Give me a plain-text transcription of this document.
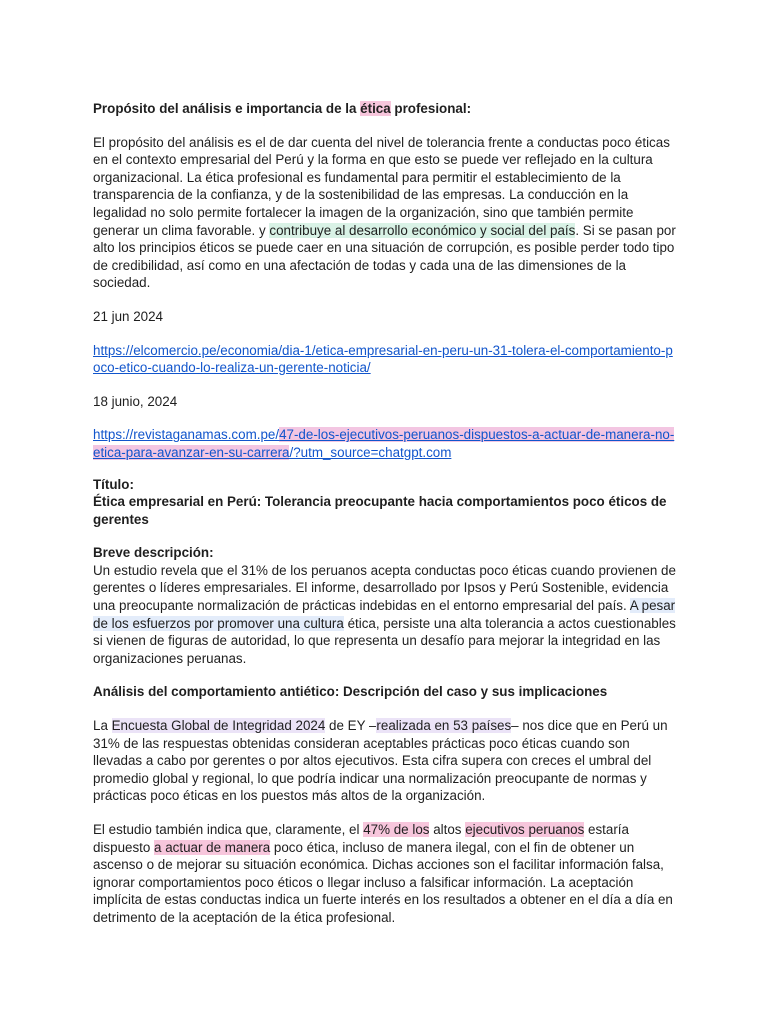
Propósito del análisis e importancia de la ética profesional:

El propósito del análisis es el de dar cuenta del nivel de tolerancia frente a conductas poco éticas en el contexto empresarial del Perú y la forma en que esto se puede ver reflejado en la cultura organizacional. La ética profesional es fundamental para permitir el establecimiento de la transparencia de la confianza, y de la sostenibilidad de las empresas. La conducción en la legalidad no solo permite fortalecer la imagen de la organización, sino que también permite generar un clima favorable. y contribuye al desarrollo económico y social del país. Si se pasan por alto los principios éticos se puede caer en una situación de corrupción, es posible perder todo tipo de credibilidad, así como en una afectación de todas y cada una de las dimensiones de la sociedad.

21 jun 2024

https://elcomercio.pe/economia/dia-1/etica-empresarial-en-peru-un-31-tolera-el-comportamiento-poco-etico-cuando-lo-realiza-un-gerente-noticia/

18 junio, 2024

https://revistaganamas.com.pe/47-de-los-ejecutivos-peruanos-dispuestos-a-actuar-de-manera-no-etica-para-avanzar-en-su-carrera/?utm_source=chatgpt.com

Título:

Ética empresarial en Perú: Tolerancia preocupante hacia comportamientos poco éticos de gerentes

Breve descripción:

Un estudio revela que el 31% de los peruanos acepta conductas poco éticas cuando provienen de gerentes o líderes empresariales. El informe, desarrollado por Ipsos y Perú Sostenible, evidencia una preocupante normalización de prácticas indebidas en el entorno empresarial del país. A pesar de los esfuerzos por promover una cultura ética, persiste una alta tolerancia a actos cuestionables si vienen de figuras de autoridad, lo que representa un desafío para mejorar la integridad en las organizaciones peruanas.

Análisis del comportamiento antiético: Descripción del caso y sus implicaciones

La Encuesta Global de Integridad 2024 de EY –realizada en 53 países– nos dice que en Perú un 31% de las respuestas obtenidas consideran aceptables prácticas poco éticas cuando son llevadas a cabo por gerentes o por altos ejecutivos. Esta cifra supera con creces el umbral del promedio global y regional, lo que podría indicar una normalización preocupante de normas y prácticas poco éticas en los puestos más altos de la organización.

El estudio también indica que, claramente, el 47% de los altos ejecutivos peruanos estaría dispuesto a actuar de manera poco ética, incluso de manera ilegal, con el fin de obtener un ascenso o de mejorar su situación económica. Dichas acciones son el facilitar información falsa, ignorar comportamientos poco éticos o llegar incluso a falsificar información. La aceptación implícita de estas conductas indica un fuerte interés en los resultados a obtener en el día a día en detrimento de la aceptación de la ética profesional.
